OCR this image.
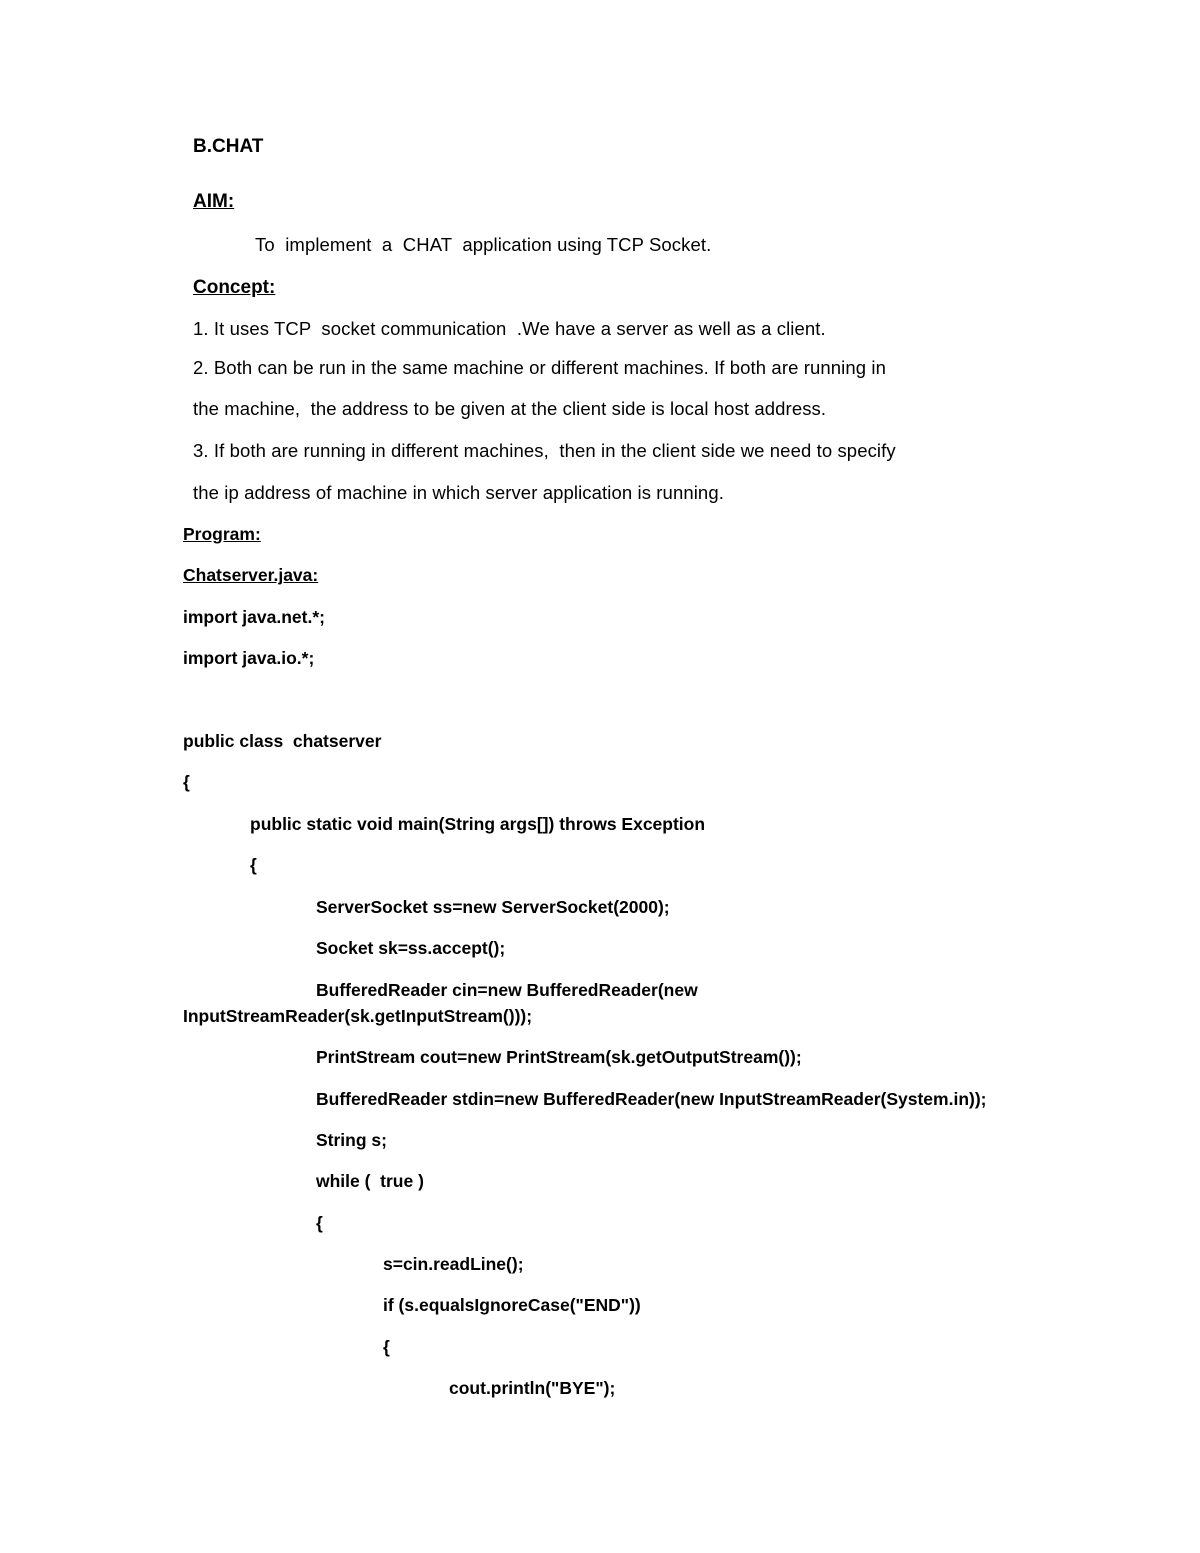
B.CHAT
AIM:
To  implement  a  CHAT  application using TCP Socket.
Concept:
1. It uses TCP  socket communication  .We have a server as well as a client.
2. Both can be run in the same machine or different machines. If both are running in
the machine,  the address to be given at the client side is local host address.
3. If both are running in different machines,  then in the client side we need to specify
the ip address of machine in which server application is running.
Program:
Chatserver.java:
import java.net.*;
import java.io.*;
public class  chatserver
{
public static void main(String args[]) throws Exception
{
ServerSocket ss=new ServerSocket(2000);
Socket sk=ss.accept();
BufferedReader cin=new BufferedReader(new
InputStreamReader(sk.getInputStream()));
PrintStream cout=new PrintStream(sk.getOutputStream());
BufferedReader stdin=new BufferedReader(new InputStreamReader(System.in));
String s;
while (  true )
{
s=cin.readLine();
if (s.equalsIgnoreCase("END"))
{
cout.println("BYE");
